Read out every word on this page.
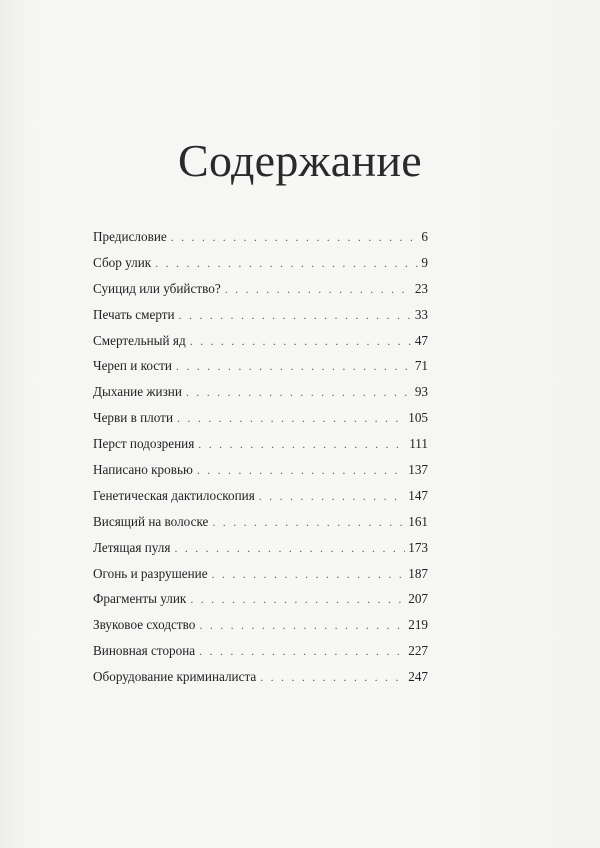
Содержание
Предисловие . . .	6
Сбор улик . . .	9
Суицид или убийство? . . .	23
Печать смерти . . .	33
Смертельный яд . . .	47
Череп и кости . . .	71
Дыхание жизни . . .	93
Черви в плоти . . .	105
Перст подозрения . . .	111
Написано кровью . . .	137
Генетическая дактилоскопия . . .	147
Висящий на волоске . . .	161
Летящая пуля . . .	173
Огонь и разрушение . . .	187
Фрагменты улик . . .	207
Звуковое сходство . . .	219
Виновная сторона . . .	227
Оборудование криминалиста . . .	247
